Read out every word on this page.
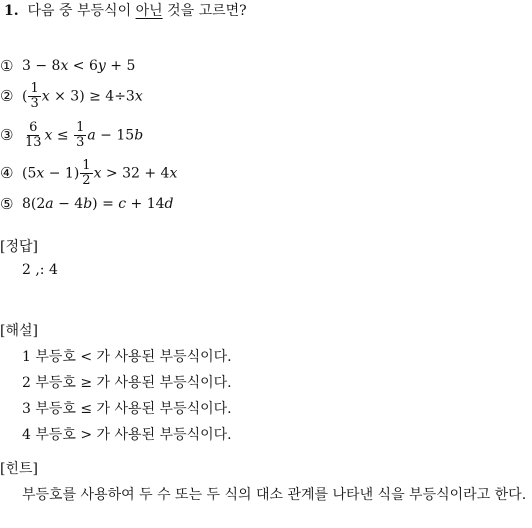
1. 다음 중 부등식이 아닌 것을 고르면?
① 3 − 8x < 6y + 5
② ( $\frac{1}{3}$ x × 3) ≥ 4÷3x
③ $\frac{6}{13}$ $x \le \frac{1}{3}$ a − 15b
④ $(5x - 1) \frac{1}{2}$ x > 32 + 4x
⑤ 8(2a − 4b) = c + 14d
[정답]
2 ,: 4
[해설]
1 부등호 < 가 사용된 부등식이다.
2 부등호 ≥ 가 사용된 부등식이다.
3 부등호 ≤ 가 사용된 부등식이다.
4 부등호 > 가 사용된 부등식이다.
[힌트]
부등호를 사용하여 두 수 또는 두 식의 대소 관계를 나타낸 식을 부등식이라고 한다.
